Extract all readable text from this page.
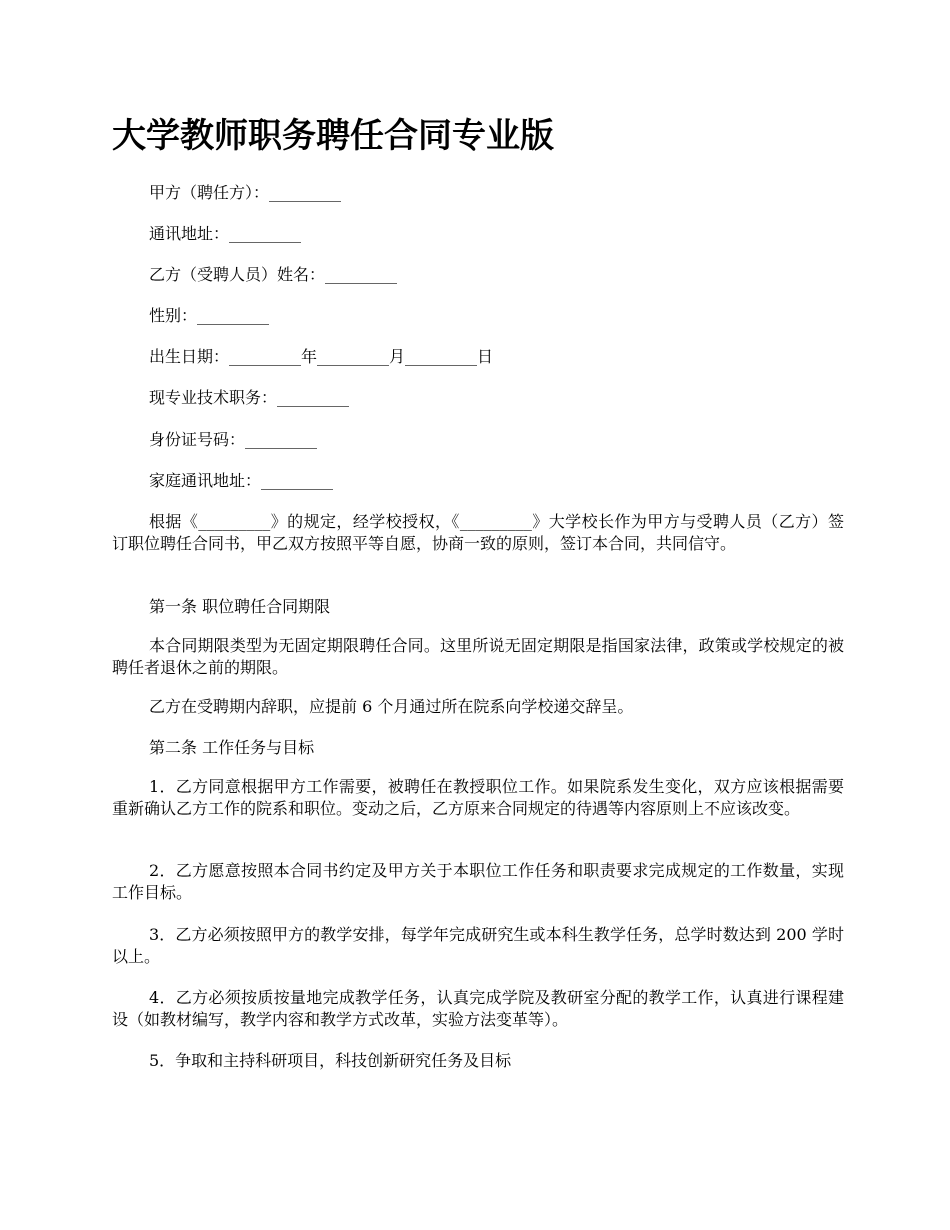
大学教师职务聘任合同专业版

甲方（聘任方）：_________

通讯地址：_________

乙方（受聘人员）姓名：_________

性别：_________

出生日期：_________年_________月_________日

现专业技术职务：_________

身份证号码：_________

家庭通讯地址：_________

根据《_________》的规定，经学校授权，《_________》大学校长作为甲方与受聘人员（乙方）签订职位聘任合同书，甲乙双方按照平等自愿，协商一致的原则，签订本合同，共同信守。

第一条 职位聘任合同期限

本合同期限类型为无固定期限聘任合同。这里所说无固定期限是指国家法律，政策或学校规定的被聘任者退休之前的期限。

乙方在受聘期内辞职，应提前 6 个月通过所在院系向学校递交辞呈。

第二条 工作任务与目标

1．乙方同意根据甲方工作需要，被聘任在教授职位工作。如果院系发生变化，双方应该根据需要重新确认乙方工作的院系和职位。变动之后，乙方原来合同规定的待遇等内容原则上不应该改变。

2．乙方愿意按照本合同书约定及甲方关于本职位工作任务和职责要求完成规定的工作数量，实现工作目标。

3．乙方必须按照甲方的教学安排，每学年完成研究生或本科生教学任务，总学时数达到 200 学时以上。

4．乙方必须按质按量地完成教学任务，认真完成学院及教研室分配的教学工作，认真进行课程建设（如教材编写，教学内容和教学方式改革，实验方法变革等）。

5．争取和主持科研项目，科技创新研究任务及目标
